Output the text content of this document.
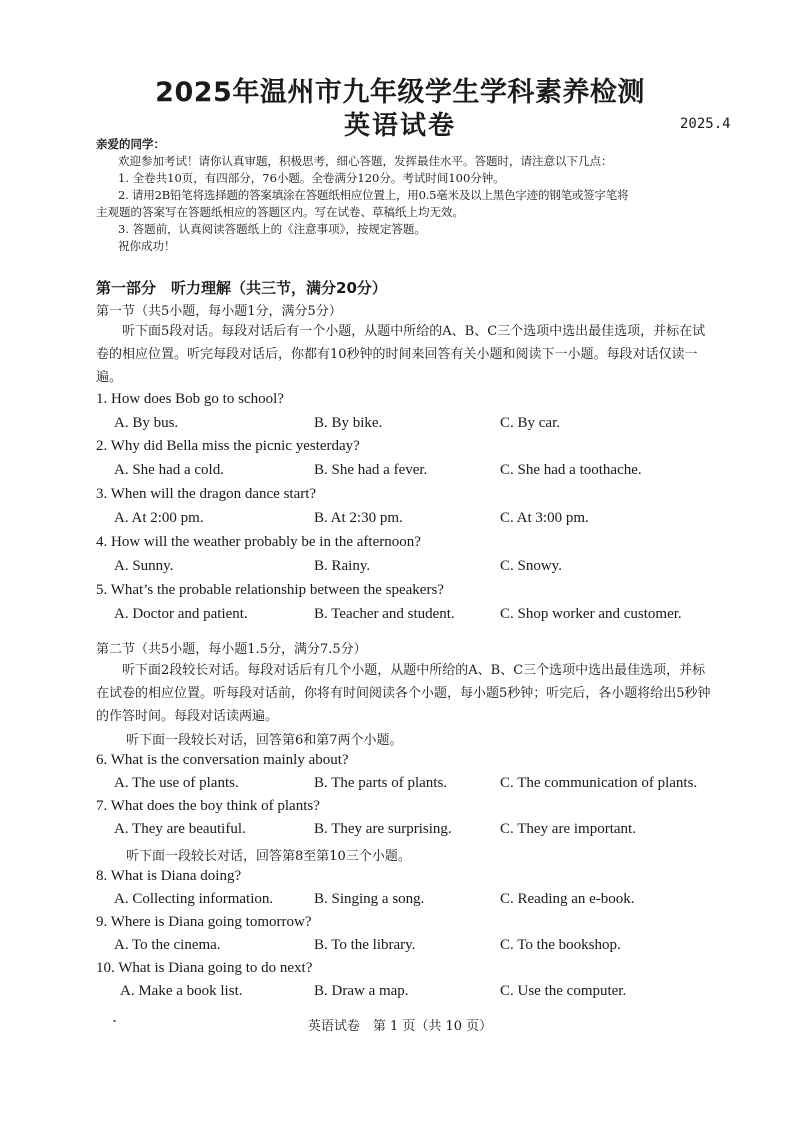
2025年温州市九年级学生学科素养检测
英语试卷	2025.4
亲爱的同学：
欢迎参加考试！请你认真审题，积极思考，细心答题，发挥最佳水平。答题时，请注意以下几点：
1. 全卷共10页，有四部分，76小题。全卷满分120分。考试时间100分钟。
2. 请用2B铅笔将选择题的答案填涂在答题纸相应位置上，用0.5毫米及以上黑色字迹的钢笔或签字笔将
主观题的答案写在答题纸相应的答题区内。写在试卷、草稿纸上均无效。
3. 答题前，认真阅读答题纸上的《注意事项》，按规定答题。
祝你成功！
第一部分　听力理解（共三节，满分20分）
第一节（共5小题，每小题1分，满分5分）
听下面5段对话。每段对话后有一个小题，从题中所给的A、B、C三个选项中选出最佳选项，并标在试卷的相应位置。听完每段对话后，你都有10秒钟的时间来回答有关小题和阅读下一小题。每段对话仅读一遍。
1. How does Bob go to school?
A. By bus.	B. By bike.	C. By car.
2. Why did Bella miss the picnic yesterday?
A. She had a cold.	B. She had a fever.	C. She had a toothache.
3. When will the dragon dance start?
A. At 2:00 pm.	B. At 2:30 pm.	C. At 3:00 pm.
4. How will the weather probably be in the afternoon?
A. Sunny.	B. Rainy.	C. Snowy.
5. What’s the probable relationship between the speakers?
A. Doctor and patient.	B. Teacher and student.	C. Shop worker and customer.
第二节（共5小题，每小题1.5分，满分7.5分）
听下面2段较长对话。每段对话后有几个小题，从题中所给的A、B、C三个选项中选出最佳选项，并标在试卷的相应位置。听每段对话前，你将有时间阅读各个小题，每小题5秒钟；听完后，各小题将给出5秒钟的作答时间。每段对话读两遍。
听下面一段较长对话，回答第6和第7两个小题。
6. What is the conversation mainly about?
A. The use of plants.	B. The parts of plants.	C. The communication of plants.
7. What does the boy think of plants?
A. They are beautiful.	B. They are surprising.	C. They are important.
听下面一段较长对话，回答第8至第10三个小题。
8. What is Diana doing?
A. Collecting information.	B. Singing a song.	C. Reading an e-book.
9. Where is Diana going tomorrow?
A. To the cinema.	B. To the library.	C. To the bookshop.
10. What is Diana going to do next?
A. Make a book list.	B. Draw a map.	C. Use the computer.
英语试卷　第 1 页（共 10 页）
